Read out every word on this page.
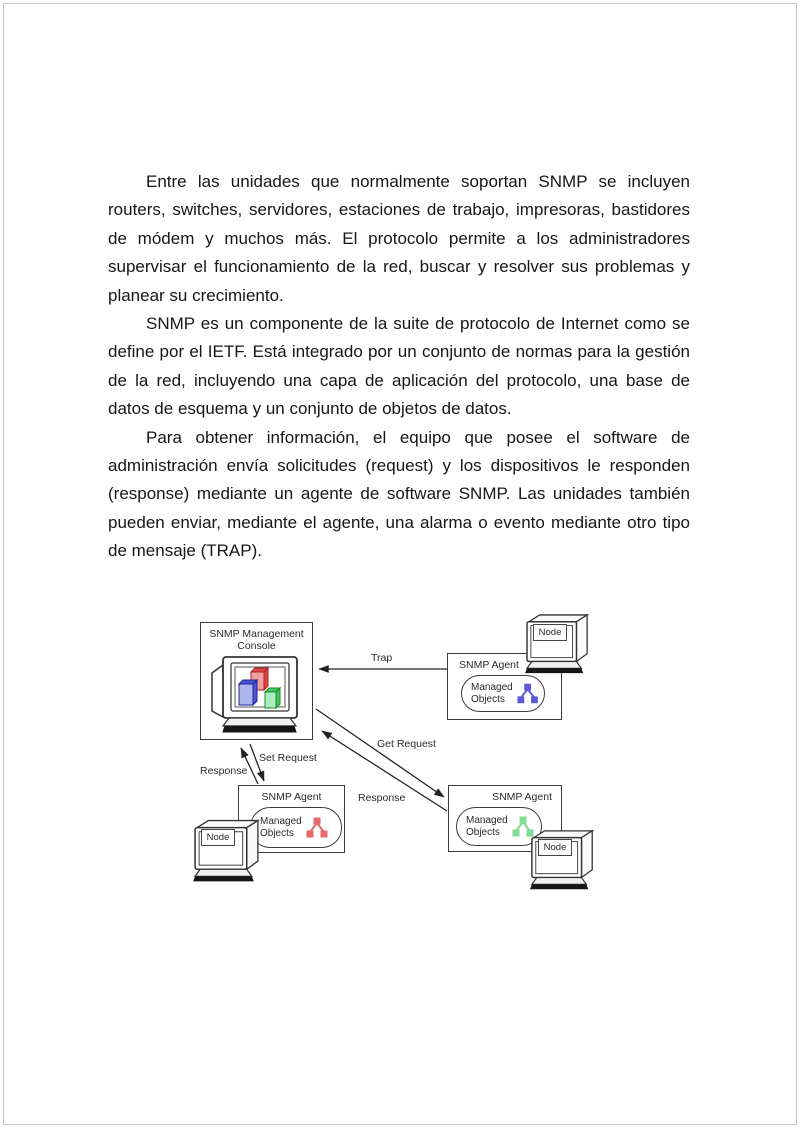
Entre las unidades que normalmente soportan SNMP se incluyen routers, switches, servidores, estaciones de trabajo, impresoras, bastidores de módem y muchos más. El protocolo permite a los administradores supervisar el funcionamiento de la red, buscar y resolver sus problemas y planear su crecimiento.

SNMP es un componente de la suite de protocolo de Internet como se define por el IETF. Está integrado por un conjunto de normas para la gestión de la red, incluyendo una capa de aplicación del protocolo, una base de datos de esquema y un conjunto de objetos de datos.

Para obtener información, el equipo que posee el software de administración envía solicitudes (request) y los dispositivos le responden (response) mediante un agente de software SNMP. Las unidades también pueden enviar, mediante el agente, una alarma o evento mediante otro tipo de mensaje (TRAP).

SNMP Management
Console
SNMP Agent
Managed
Objects
SNMP Agent
Managed
Objects
SNMP Agent
Managed
Objects
Node
Node
Node
Trap
Get Request
Response
Set Request
Response
